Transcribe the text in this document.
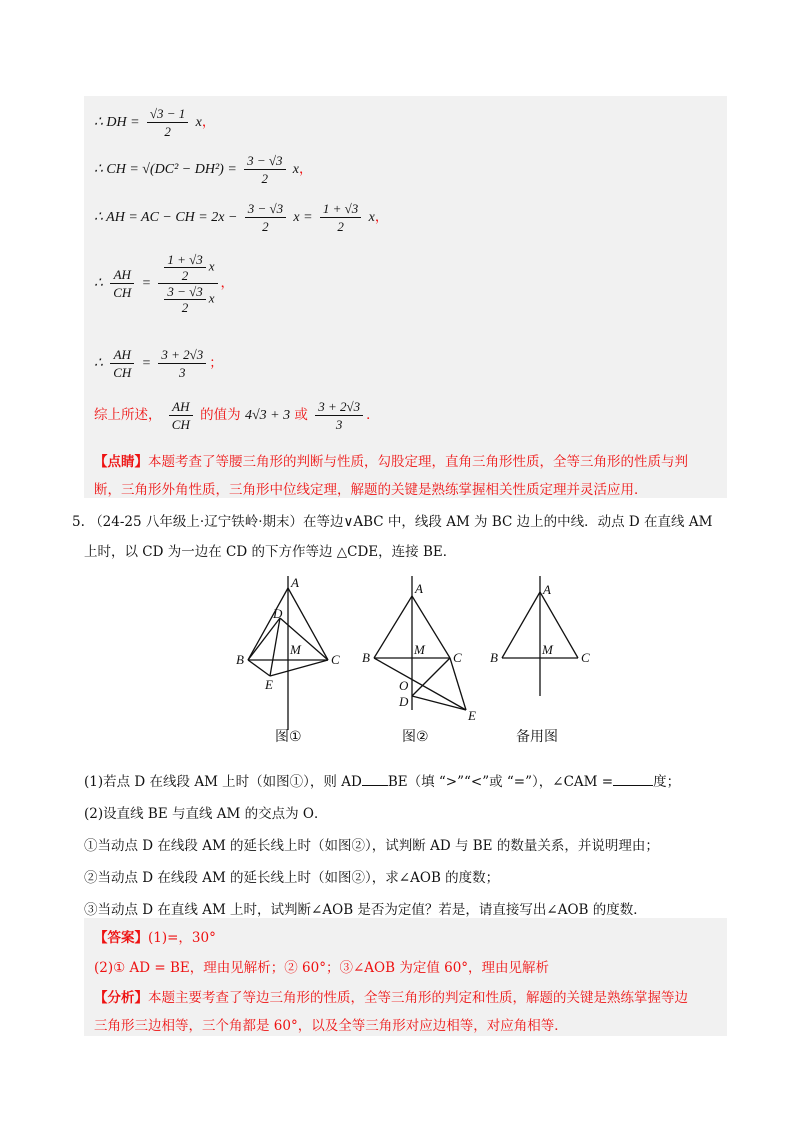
∴ DH = $\frac{√3 - 1}{2}$ x，
∴ CH = $√(DC^2 - DH^2) = \frac{3 - √3}{2}$ x，
∴ AH = AC − CH = $2x - \frac{3 - √3}{2}$ $x = \frac{1 + √3}{2}$ x，
∴ $\frac{AH}{CH} = \frac{\frac{1 + √3}{2} x}{\frac{3 - √3}{2} x}$ ，
∴ $\frac{AH}{CH} = \frac{3 + 2√3}{3}$ ；
综上所述， $\frac{AH}{CH}$ 的值为 4√3 + 3 或 $\frac{3 + 2√3}{3}$ ．
【点睛】本题考查了等腰三角形的判断与性质，勾股定理，直角三角形性质，全等三角形的性质与判
断，三角形外角性质，三角形中位线定理，解题的关键是熟练掌握相关性质定理并灵活应用．
5. （24-25 八年级上·辽宁铁岭·期末）在等边∨ABC 中，线段 AM 为 BC 边上的中线．动点 D 在直线 AM
上时，以 CD 为一边在 CD 的下方作等边 △CDE，连接 BE．
A
D
M
B	C
E
A
M
B	C
O
D
E
A
M
B	C
图①	图②	备用图
(1)若点 D 在线段 AM 上时（如图①），则 AD BE（填 “>”“<”或 “=”），∠CAM =	度；
(2)设直线 BE 与直线 AM 的交点为 O．
①当动点 D 在线段 AM 的延长线上时（如图②），试判断 AD 与 BE 的数量关系，并说明理由；
②当动点 D 在线段 AM 的延长线上时（如图②），求∠AOB 的度数；
③当动点 D 在直线 AM 上时，试判断∠AOB 是否为定值？若是，请直接写出∠AOB 的度数．
【答案】(1)=，30°
(2)① AD = BE，理由见解析；② 60°；③∠AOB 为定值 60°，理由见解析
【分析】本题主要考查了等边三角形的性质，全等三角形的判定和性质，解题的关键是熟练掌握等边
三角形三边相等，三个角都是 60°，以及全等三角形对应边相等，对应角相等．
